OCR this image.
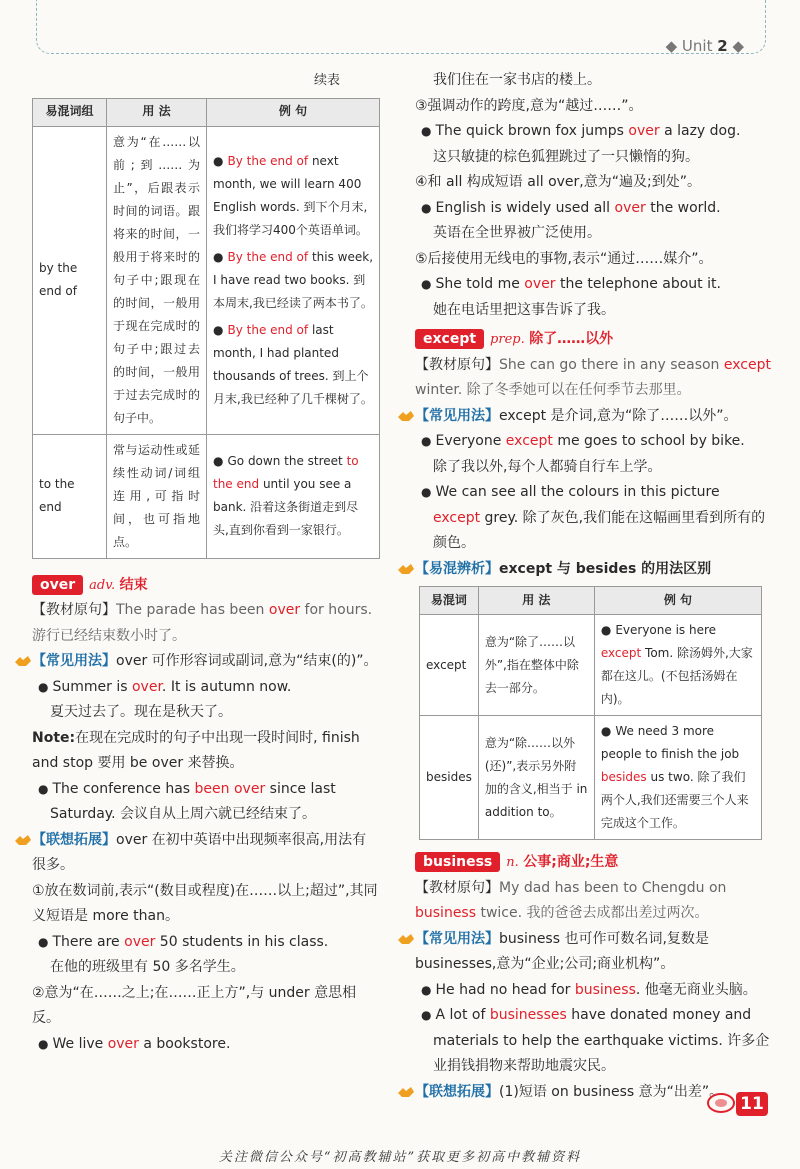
◆ Unit 2 ◆
续表
易混词组	用 法	例 句
by the end of	意为“在……以前;到……为止”，后跟表示时间的词语。跟将来的时间，一般用于将来时的句子中;跟现在的时间，一般用于现在完成时的句子中;跟过去的时间，一般用于过去完成时的句子中。	● By the end of next month, we will learn 400 English words. 到下个月末,我们将学习400个英语单词。
● By the end of this week, I have read two books. 到本周末,我已经读了两本书了。
● By the end of last month, I had planted thousands of trees. 到上个月末,我已经种了几千棵树了。

to the end	常与运动性或延续性动词/词组连用,可指时间，也可指地点。	● Go down the street to the end until you see a bank. 沿着这条街道走到尽头,直到你看到一家银行。
over adv. 结束
【教材原句】The parade has been over for hours.
游行已经结束数小时了。
【常见用法】over 可作形容词或副词,意为“结束(的)”。
● Summer is over. It is autumn now.
夏天过去了。现在是秋天了。
Note:在现在完成时的句子中出现一段时间时, finish and stop 要用 be over 来替换。
● The conference has been over since last Saturday. 会议自从上周六就已经结束了。
【联想拓展】over 在初中英语中出现频率很高,用法有很多。
①放在数词前,表示“(数目或程度)在……以上;超过”,其同义短语是 more than。
● There are over 50 students in his class.
在他的班级里有 50 多名学生。
②意为“在……之上;在……正上方”,与 under 意思相反。
● We live over a bookstore.
我们住在一家书店的楼上。
③强调动作的跨度,意为“越过……”。
● The quick brown fox jumps over a lazy dog.
这只敏捷的棕色狐狸跳过了一只懒惰的狗。
④和 all 构成短语 all over,意为“遍及;到处”。
● English is widely used all over the world.
英语在全世界被广泛使用。
⑤后接使用无线电的事物,表示“通过……媒介”。
● She told me over the telephone about it.
她在电话里把这事告诉了我。
except prep. 除了……以外
【教材原句】She can go there in any season except winter. 除了冬季她可以在任何季节去那里。
【常见用法】except 是介词,意为“除了……以外”。
● Everyone except me goes to school by bike.
除了我以外,每个人都骑自行车上学。
● We can see all the colours in this picture except grey. 除了灰色,我们能在这幅画里看到所有的颜色。
【易混辨析】except 与 besides 的用法区别
易混词	用 法	例 句
except	意为“除了……以外”,指在整体中除去一部分。	● Everyone is here except Tom. 除汤姆外,大家都在这儿。(不包括汤姆在内)。
besides	意为“除……以外(还)”,表示另外附加的含义,相当于 in addition to。	● We need 3 more people to finish the job besides us two. 除了我们两个人,我们还需要三个人来完成这个工作。
business n. 公事;商业;生意
【教材原句】My dad has been to Chengdu on business twice. 我的爸爸去成都出差过两次。
【常见用法】business 也可作可数名词,复数是 businesses,意为“企业;公司;商业机构”。
● He had no head for business. 他毫无商业头脑。
● A lot of businesses have donated money and materials to help the earthquake victims. 许多企业捐钱捐物来帮助地震灾民。
【联想拓展】(1)短语 on business 意为“出差”。
11
关注微信公众号“初高教辅站”获取更多初高中教辅资料
